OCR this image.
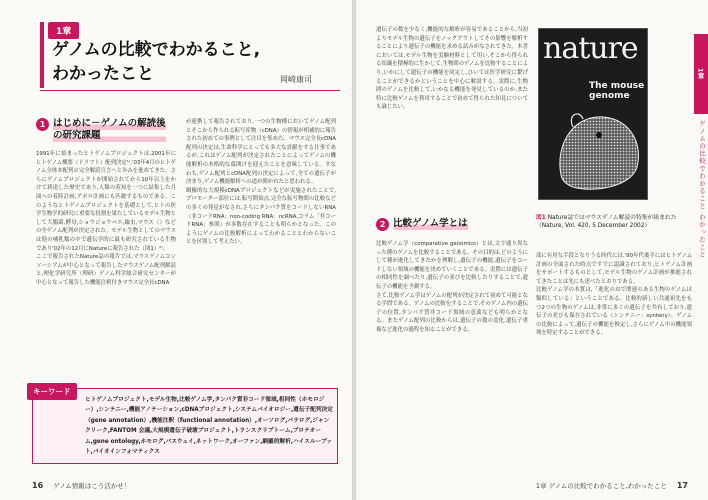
1章
ゲノムの比較でわかること,
わかったこと	岡崎康司
1 はじめに－ゲノムの解読後
の研究課題

1991年に始まったヒトゲノムプロジェクトは,2001年にヒトゲノム概要（ドラフト）配列決定¹⁾,'03年4月のヒトゲノム全体本配列の完全解読宣言へと歩みを進めてきた。さらにゲノムプロジェクトが開始されてから10年以上をかけて到達した歴史であり,人類の英知を一つに結集した月面への着陸計画,アポロ計画にも匹敵するものである。このようなヒトゲノムプロジェクトを基礎として,ヒトの医学生物学的研究に重要な役割を果たしているモデル生物として大腸菌,酵母,ショウジョウバエ,線虫,マウス（）などの全ゲノム配列が決定された。モデル生物としてのマウスは他の哺乳類の中で遺伝学的に最も研究されている生物であり'02年の12月にNatureに報告された（図1）²⁾。

ここで報告されたNature誌の報告では,マウスゲノムコンソーシアムが中心となって報告したマウスゲノム配列解読と,理化学研究所（理研）ゲノム科学総合研究センターが中心となって報告した機能注釈付きマウス完全長cDNA

が連携して報告されており,一つの生物種においてゲノム配列とそこから作られる転写産物（cDNA）の情報が相補的に報告された初めての事例として注目を集めた。マウス完全長cDNA配列の決定は,生命科学にとっても多大な貢献をする仕事であるが,これはゲノム配列が決定されたことによってゲノムの機能解析の本格的な幕開けを迎えたことを意味している。すなわち,ゲノム配列とcDNA配列の決定によって,全ての遺伝子が決まり,ゲノム機能解析への道が開かれたと思われる。

網羅的な大規模cDNAプロジェクトなどが実施されたことで,プロモーター部位には,転写開始点,完全な転写物間の比較などの多くの発見がなされ,さらにタンパク質をコードしないRNA（非コードRNA：non-coding RNA：ncRNA,コラム「非コードRNA」参照）が多数存在することも明らかとなった。このようにゲノムの比較解析によってわかることとわからないことを区別して考えたい。

キーワード
ヒトゲノムプロジェクト,モデル生物,比較ゲノム学,タンパク質非コード領域,相同性（ホモロジー）,シンテニー,機能アノテーション,cDNAプロジェクト,システムバイオロジー,遺伝子配列決定（gene annotation）,機能注釈（functional annotation）,オーソログ,パラログ,ジャンクリーク,FANTOM 会議,大規模遺伝子破壊プロジェクト,トランスクリプトーム,プロテオーム,gene ontology,ホモログ,パスウェイ,ネットワーク,オーファン,網羅的解析,ハイスループット,バイオインフォマティクス
16 ゲノム情報はこう活かせ！

遺伝子の数を少なく,機能的な解析が容易であることから,当初よりモデル生物の遺伝子をノックアウトしてその影響を解析することにより遺伝子の機能を求める試みがなされてきた。本書においては,モデル生物を実験材料として用い,そこから得られる知識を積極的に生かして,生物間のゲノムを比較することにより,いかにして遺伝子の機能を同定し,ひいては医学研究に繋げることができるかということを中心に解説する。実際に,生物間のゲノムを比較して,いかなる機能を発見しているのか,また特に比較ゲノムを利用することで初めて得られた知見についても論じたい。

nature
The mouse genome
図1 Nature誌ではマウスゲノム解読の特集が組まれた
（Nature, Vol. 420, 5 December 2002）
2 比較ゲノム学とは

比較ゲノム学（comparative genomics）とは,文字通り異なった種のゲノムを比較することである。その目的は,どのようにして種が進化してきたかを理解し,遺伝子の機能,遺伝子をコードしない領域の機能を決めていくことである。実際には遺伝子の相同性を調べたり,遺伝子の並びを比較したりすることで,遺伝子の機能を予測する。

さて,比較ゲノム学はゲノムの配列が決定されて初めて可能となる学問である。ゲノムの比較をすることで,そのゲノム内の遺伝子の位置,タンパク質非コード領域の意義なども明らかとなる。またゲノム配列の比較からは,遺伝子の数の変化,遺伝子重複など進化の過程を知ることができる。

部に有用な手段となりうる時代には,'90年代後半にはヒトゲノム計画の全面された時点ですでに認識されており,ヒトゲノム計画をサポートするものとして,モデル生物のゲノム計画が推進されてきたことは先にも述べたとおりである。

比較ゲノム学の本質は,「進化のおで関連のある生物のゲノムは類似している」ということである。比較的新しい共通祖先をもつ2つの生物のゲノムは,非常に多くの遺伝子を共有しており,遺伝子の並びも保存されている（シンテニー：synteny）。ゲノムの比較によって,遺伝子の機能を推定し,さらにゲノム中の機能領域を特定することができる。

1章
ゲノムの比較でわかること わかったこと
1章 ゲノムの比較でわかること,わかったこと 17
